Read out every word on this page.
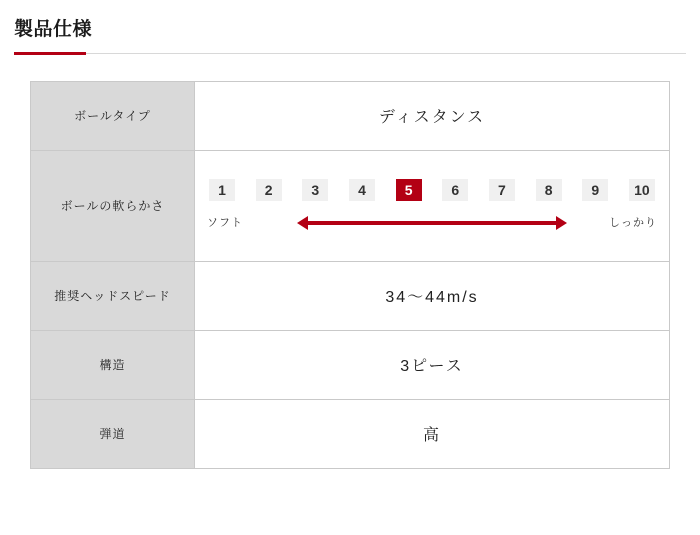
製品仕様
ボールタイプ	ディスタンス
ボールの軟らかさ	
1	2	3	4	5	6	7	8	9	10
ソフト	しっかり

推奨ヘッドスピード	34〜44m/s
構造	3ピース
弾道	高
